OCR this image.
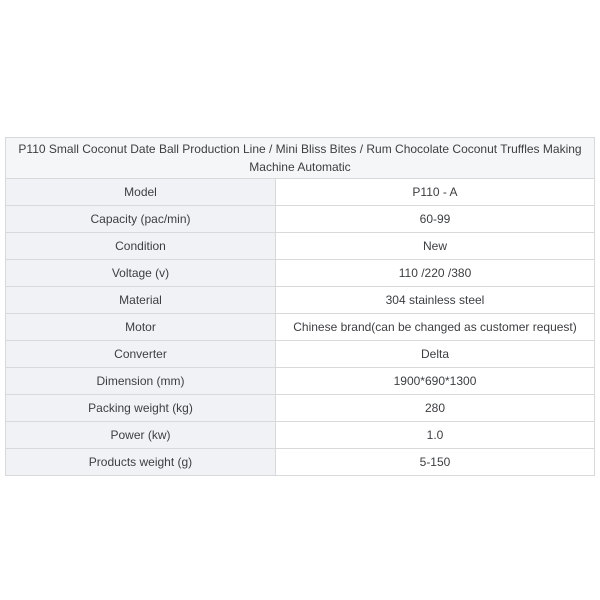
P110 Small Coconut Date Ball Production Line / Mini Bliss Bites / Rum Chocolate Coconut Truffles Making Machine Automatic	
Model	P110 - A
Capacity (pac/min)	60-99
Condition	New
Voltage (v)	110 /220 /380
Material	304 stainless steel
Motor	Chinese brand(can be changed as customer request)
Converter	Delta
Dimension (mm)	1900*690*1300
Packing weight (kg)	280
Power (kw)	1.0
Products weight (g)	5-150
